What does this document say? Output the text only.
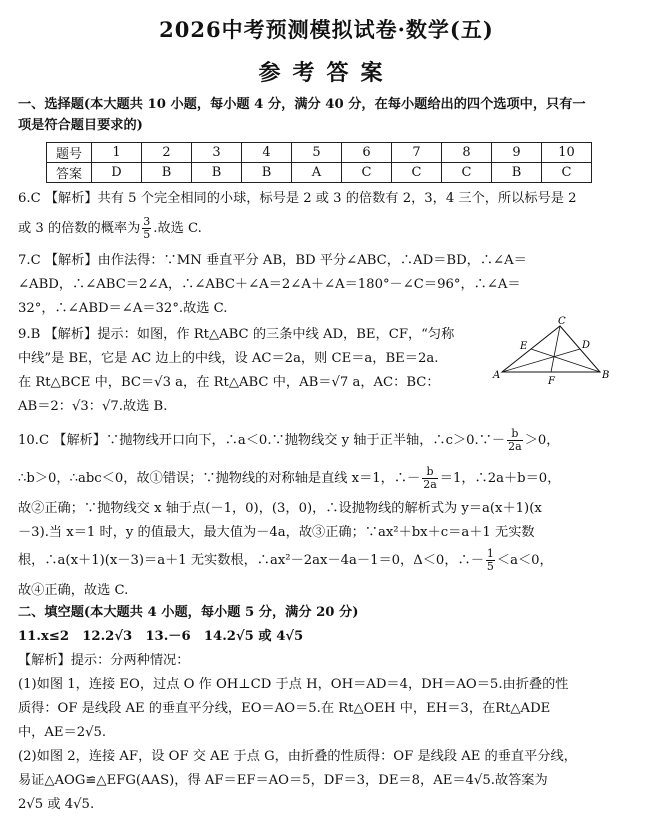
2026中考预测模拟试卷·数学(五)
参考答案
一、选择题(本大题共 10 小题，每小题 4 分，满分 40 分，在每小题给出的四个选项中，只有一
项是符合题目要求的)
题号	1	2	3	4	5	6	7	8	9	10
答案	D	B	B	B	A	C	C	C	B	C
6.C 【解析】共有 5 个完全相同的小球，标号是 2 或 3 的倍数有 2，3，4 三个，所以标号是 2
或 3 的倍数的概率为 $\frac{3}{5}$ .故选 C.
7.C 【解析】由作法得：∵MN 垂直平分 AB，BD 平分∠ABC，∴AD＝BD，∴∠A＝
∠ABD，∴∠ABC＝2∠A，∴∠ABC＋∠A＝2∠A＋∠A＝180°－∠C＝96°，∴∠A＝
32°，∴∠ABD＝∠A＝32°.故选 C.
9.B 【解析】提示：如图，作 Rt△ABC 的三条中线 AD，BE，CF，“匀称
中线”是 BE，它是 AC 边上的中线，设 AC＝2a，则 CE＝a，BE＝2a.
在 Rt△BCE 中，BC＝√3 a，在 Rt△ABC 中，AB＝√7 a，AC：BC：
AB＝2：√3：√7.故选 B.
C
A	B
E	D
F
10.C 【解析】∵抛物线开口向下，∴a＜0.∵抛物线交 y 轴于正半轴，∴c＞0.∵－ $\frac{b}{2a} >0$，
∴b＞0，∴abc＜0，故①错误；∵抛物线的对称轴是直线 x＝1，∴－ $\frac{b}{2a} =1$，∴2a＋b＝0，
故②正确；∵抛物线交 x 轴于点(－1，0)，(3，0)，∴设抛物线的解析式为 y＝a(x＋1)(x
－3).当 x＝1 时，y 的值最大，最大值为－4a，故③正确；∵ax²＋bx＋c＝a＋1 无实数
根，∴a(x＋1)(x－3)＝a＋1 无实数根，∴ax²－2ax－4a－1＝0，Δ＜0，∴－ $\frac{1}{5} <a<0$，
故④正确，故选 C.
二、填空题(本大题共 4 小题，每小题 5 分，满分 20 分)
11.x≤2　12.2√3　13.－6　14.2√5 或 4√5
【解析】提示：分两种情况：
(1)如图 1，连接 EO，过点 O 作 OH⊥CD 于点 H，OH＝AD＝4，DH＝AO＝5.由折叠的性
质得：OF 是线段 AE 的垂直平分线，EO＝AO＝5.在 Rt△OEH 中，EH＝3，在Rt△ADE
中，AE＝2√5.
(2)如图 2，连接 AF，设 OF 交 AE 于点 G，由折叠的性质得：OF 是线段 AE 的垂直平分线，
易证△AOG≌△EFG(AAS)，得 AF＝EF＝AO＝5，DF＝3，DE＝8，AE＝4√5.故答案为
2√5 或 4√5.
